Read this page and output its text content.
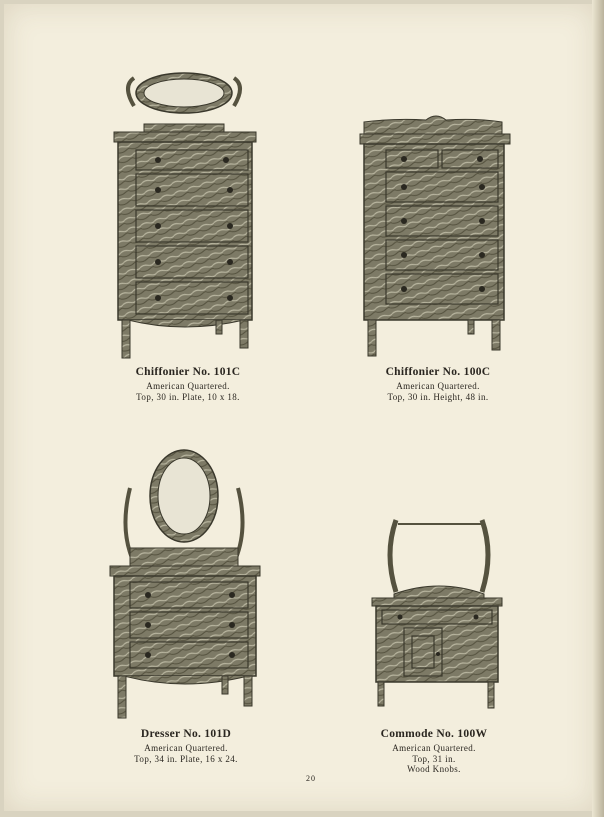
Chiffonier No. 101C
American Quartered.
Top, 30 in. Plate, 10 x 18.
Chiffonier No. 100C
American Quartered.
Top, 30 in. Height, 48 in.
Dresser No. 101D
American Quartered.
Top, 34 in. Plate, 16 x 24.
Commode No. 100W
American Quartered.
Top, 31 in.
Wood Knobs.
20
